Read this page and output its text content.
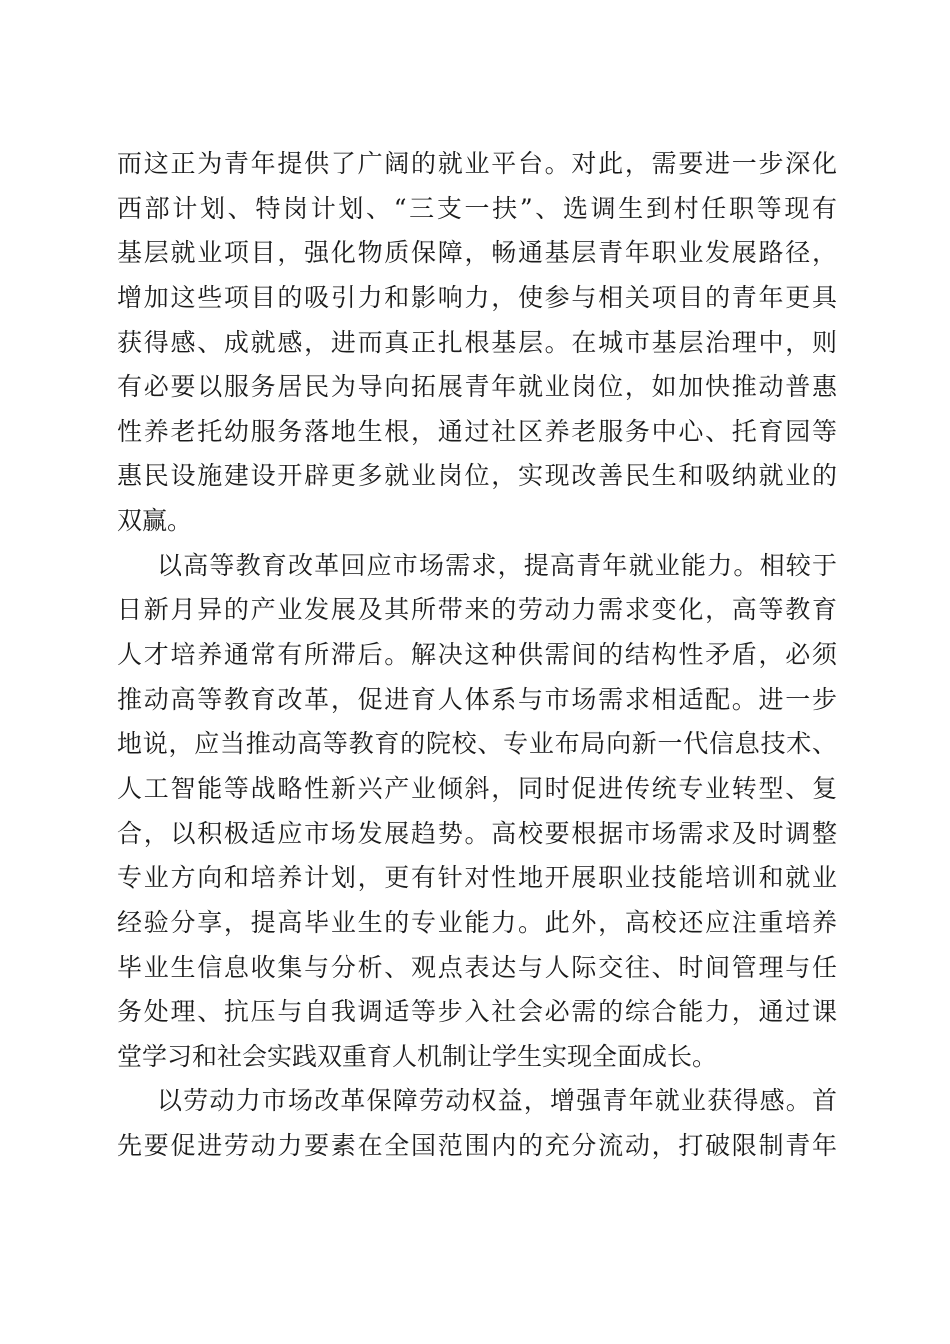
而这正为青年提供了广阔的就业平台。对此，需要进一步深化
西部计划、特岗计划、“三支一扶”、选调生到村任职等现有
基层就业项目，强化物质保障，畅通基层青年职业发展路径，
增加这些项目的吸引力和影响力，使参与相关项目的青年更具
获得感、成就感，进而真正扎根基层。在城市基层治理中，则
有必要以服务居民为导向拓展青年就业岗位，如加快推动普惠
性养老托幼服务落地生根，通过社区养老服务中心、托育园等
惠民设施建设开辟更多就业岗位，实现改善民生和吸纳就业的
双赢。
以高等教育改革回应市场需求，提高青年就业能力。相较于
日新月异的产业发展及其所带来的劳动力需求变化，高等教育
人才培养通常有所滞后。解决这种供需间的结构性矛盾，必须
推动高等教育改革，促进育人体系与市场需求相适配。进一步
地说，应当推动高等教育的院校、专业布局向新一代信息技术、
人工智能等战略性新兴产业倾斜，同时促进传统专业转型、复
合，以积极适应市场发展趋势。高校要根据市场需求及时调整
专业方向和培养计划，更有针对性地开展职业技能培训和就业
经验分享，提高毕业生的专业能力。此外，高校还应注重培养
毕业生信息收集与分析、观点表达与人际交往、时间管理与任
务处理、抗压与自我调适等步入社会必需的综合能力，通过课
堂学习和社会实践双重育人机制让学生实现全面成长。
以劳动力市场改革保障劳动权益，增强青年就业获得感。首
先要促进劳动力要素在全国范围内的充分流动，打破限制青年
